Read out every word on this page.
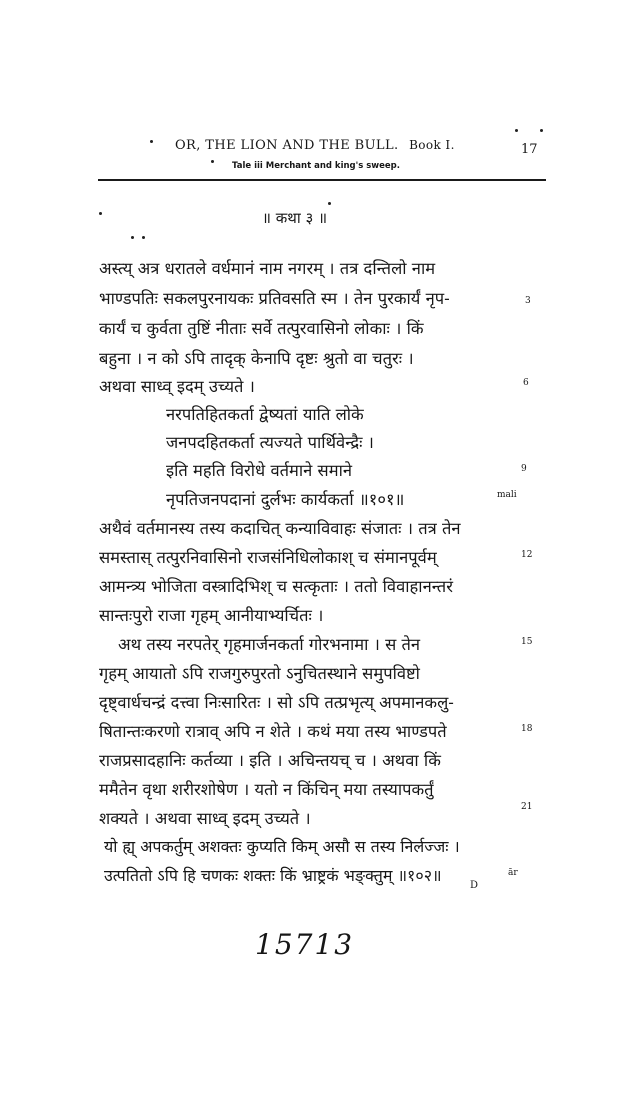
OR, THE LION AND THE BULL. Book I.	17
Tale iii Merchant and king's sweep.
॥ कथा ३ ॥
अस्त्य् अत्र धरातले वर्धमानं नाम नगरम् । तत्र दन्तिलो नाम
भाण्डपतिः सकलपुरनायकः प्रतिवसति स्म । तेन पुरकार्यं नृप-
कार्यं च कुर्वता तुष्टिं नीताः सर्वे तत्पुरवासिनो लोकाः । किं
बहुना । न को ऽपि तादृक् केनापि दृष्टः श्रुतो वा चतुरः ।
अथवा साध्व् इदम् उच्यते ।
नरपतिहितकर्ता द्वेष्यतां याति लोके
जनपदहितकर्ता त्यज्यते पार्थिवेन्द्रैः ।
इति महति विरोधे वर्तमाने समाने
नृपतिजनपदानां दुर्लभः कार्यकर्ता ॥१०१॥
अथैवं वर्तमानस्य तस्य कदाचित् कन्याविवाहः संजातः । तत्र तेन
समस्तास् तत्पुरनिवासिनो राजसंनिधिलोकाश् च संमानपूर्वम्
आमन्त्र्य भोजिता वस्त्रादिभिश् च सत्कृताः । ततो विवाहानन्तरं
सान्तःपुरो राजा गृहम् आनीयाभ्यर्चितः ।
अथ तस्य नरपतेर् गृहमार्जनकर्ता गोरभनामा । स तेन
गृहम् आयातो ऽपि राजगुरुपुरतो ऽनुचितस्थाने समुपविष्टो
दृष्ट्वार्धचन्द्रं दत्त्वा निःसारितः । सो ऽपि तत्प्रभृत्य् अपमानकलु-
षितान्तःकरणो रात्राव् अपि न शेते । कथं मया तस्य भाण्डपते
राजप्रसादहानिः कर्तव्या । इति । अचिन्तयच् च । अथवा किं
ममैतेन वृथा शरीरशोषेण । यतो न किंचिन् मया तस्यापकर्तुं
शक्यते । अथवा साध्व् इदम् उच्यते ।
यो ह्य् अपकर्तुम् अशक्तः कुप्यति किम् असौ स तस्य निर्लज्जः ।
उत्पतितो ऽपि हि चणकः शक्तः किं भ्राष्ट्रकं भङ्क्तुम् ॥१०२॥
3
6
9
mali
12
15
18
21
ār
D
15713
